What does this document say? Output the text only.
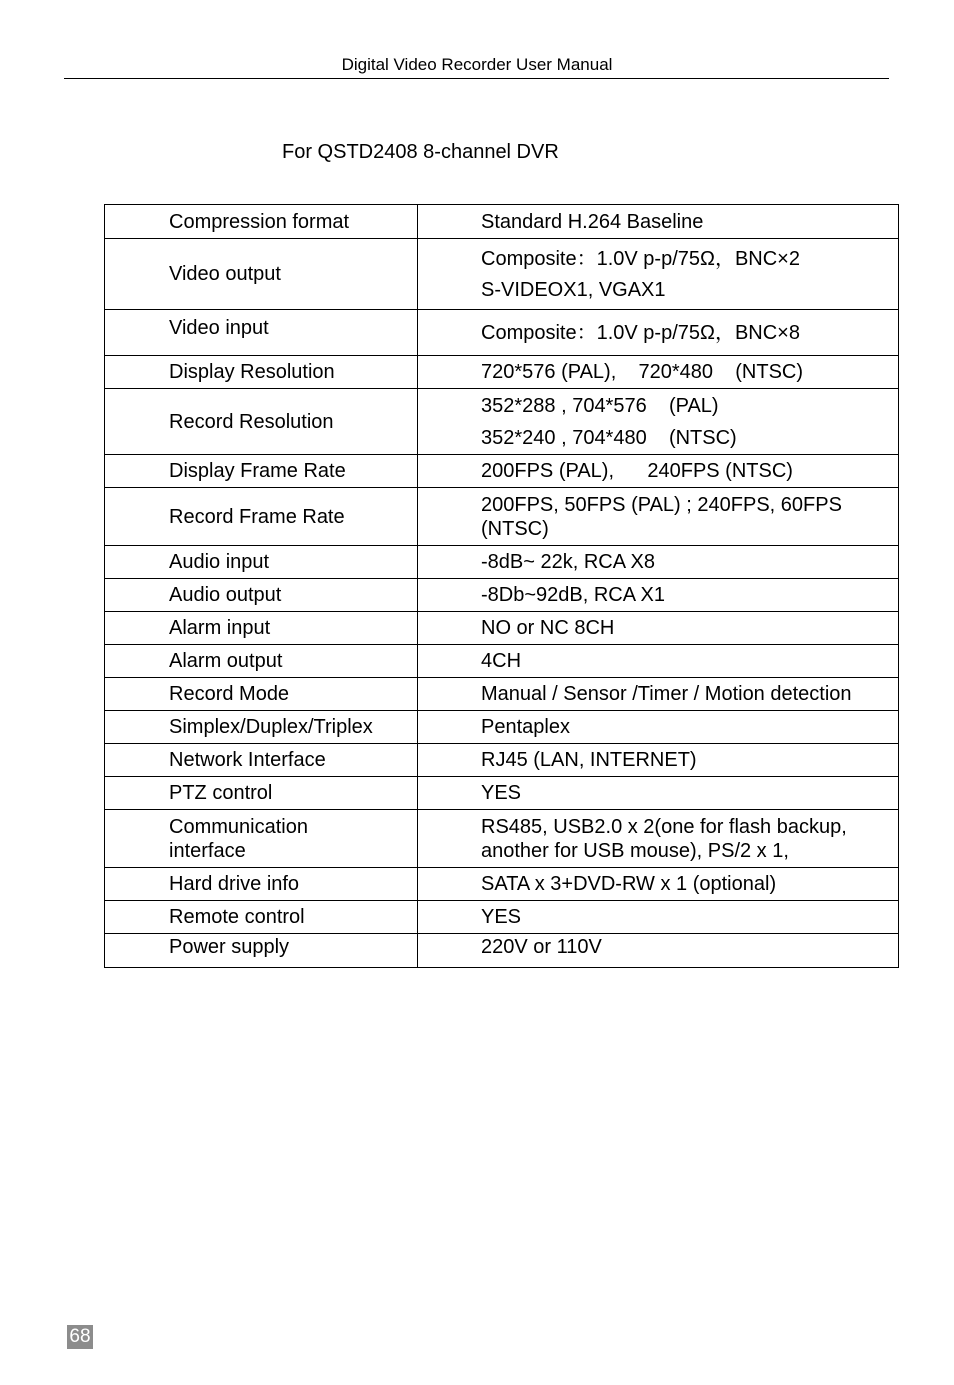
Digital Video Recorder User Manual
For QSTD2408 8-channel DVR
Compression format	Standard H.264 Baseline

Video output	Composite：1.0V p-p/75Ω，BNC×2
S-VIDEOX1, VGAX1

Video input	Composite：1.0V p-p/75Ω，BNC×8

Display Resolution	720*576 (PAL),    720*480    (NTSC)

Record Resolution	352*288 , 704*576    (PAL)
352*240 , 704*480    (NTSC)

Display Frame Rate	200FPS (PAL),      240FPS (NTSC)

Record Frame Rate	200FPS, 50FPS (PAL) ; 240FPS, 60FPS (NTSC)

Audio input	-8dB~ 22k, RCA X8

Audio output	-8Db~92dB, RCA X1

Alarm input	NO or NC 8CH

Alarm output	4CH

Record Mode	Manual / Sensor /Timer / Motion detection

Simplex/Duplex/Triplex	Pentaplex

Network Interface	RJ45 (LAN, INTERNET)

PTZ control	YES

Communication interface	RS485, USB2.0 x 2(one for flash backup, another for USB mouse), PS/2 x 1,

Hard drive info	SATA x 3+DVD-RW x 1 (optional)

Remote control	YES

Power supply	220V or 110V
68
